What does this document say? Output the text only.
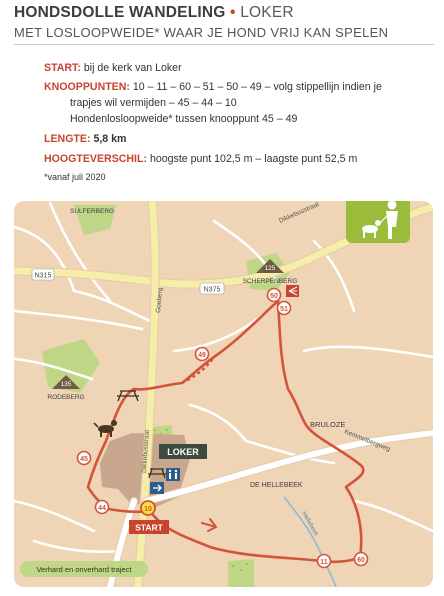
HONDSDOLLE WANDELING • LOKER
MET LOSLOOPWEIDE* WAAR JE HOND VRIJ KAN SPELEN
START: bij de kerk van Loker
KNOOPPUNTEN: 10 – 11 – 60 – 51 – 50 – 49 – volg stippellijn indien je
trapjes wil vermijden – 45 – 44 – 10
Hondenlosloopweide* tussen knooppunt 45 – 49
LENGTE: 5,8 km
HOOGTEVERSCHIL: hoogste punt 102,5 m – laagste punt 52,5 m
*vanaf juli 2020
125
SCHERPENBERG
135
RODEBERG
SULFERBERG
BRULOZE
DE HELLEBEEK
N315
N375
Goeberg
Dikkebusstraat
Dikkebusstraat	Kemmelbergweg
Hellebeek
50
51
49
45
44	10
11	60
START
LOKER
Verhard en onverhard traject
